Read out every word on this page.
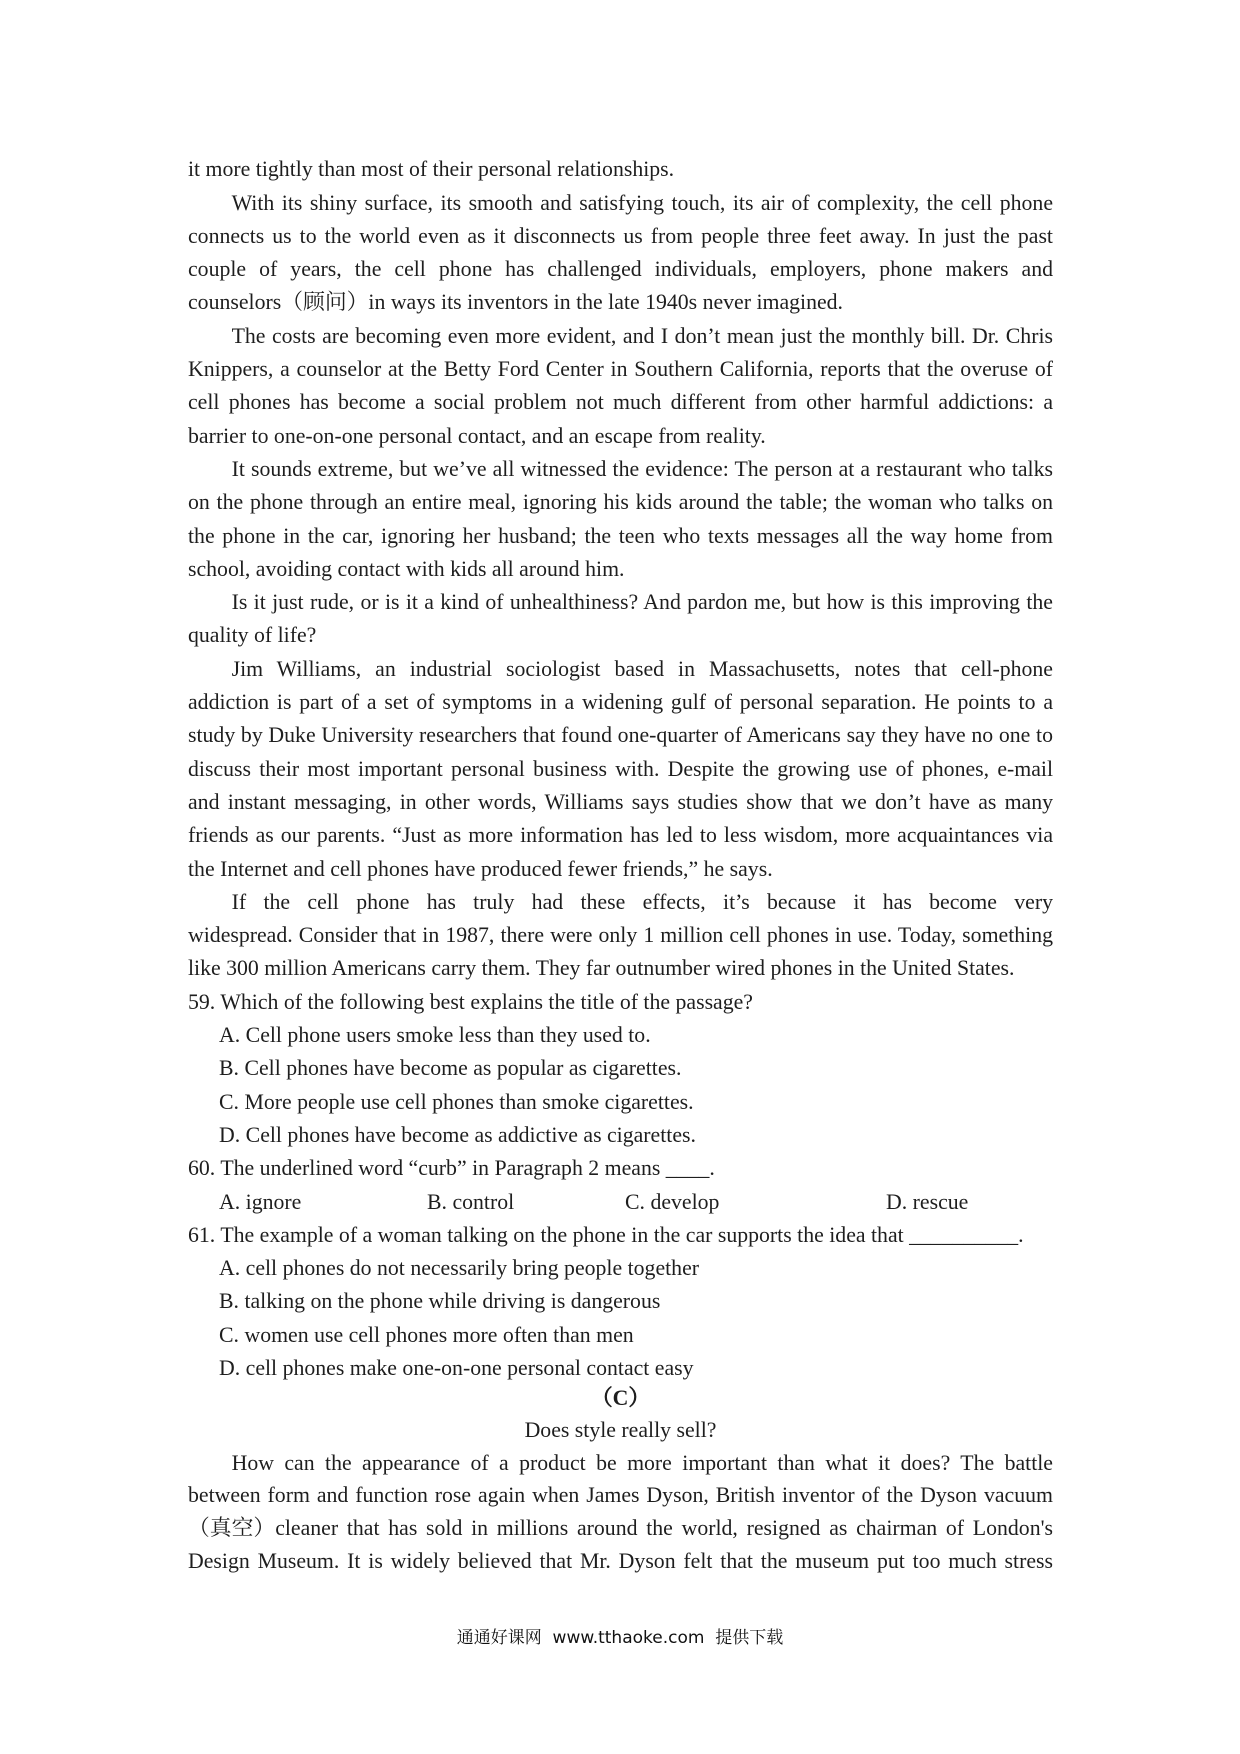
it more tightly than most of their personal relationships.
With its shiny surface, its smooth and satisfying touch, its air of complexity, the cell phone
connects us to the world even as it disconnects us from people three feet away. In just the past
couple of years, the cell phone has challenged individuals, employers, phone makers and
counselors（顾问）in ways its inventors in the late 1940s never imagined.
The costs are becoming even more evident, and I don’t mean just the monthly bill. Dr. Chris
Knippers, a counselor at the Betty Ford Center in Southern California, reports that the overuse of
cell phones has become a social problem not much different from other harmful addictions: a
barrier to one-on-one personal contact, and an escape from reality.
It sounds extreme, but we’ve all witnessed the evidence: The person at a restaurant who talks
on the phone through an entire meal, ignoring his kids around the table; the woman who talks on
the phone in the car, ignoring her husband; the teen who texts messages all the way home from
school, avoiding contact with kids all around him.
Is it just rude, or is it a kind of unhealthiness? And pardon me, but how is this improving the
quality of life?
Jim Williams, an industrial sociologist based in Massachusetts, notes that cell-phone
addiction is part of a set of symptoms in a widening gulf of personal separation. He points to a
study by Duke University researchers that found one-quarter of Americans say they have no one to
discuss their most important personal business with. Despite the growing use of phones, e-mail
and instant messaging, in other words, Williams says studies show that we don’t have as many
friends as our parents. “Just as more information has led to less wisdom, more acquaintances via
the Internet and cell phones have produced fewer friends,” he says.
If the cell phone has truly had these effects, it’s because it has become very
widespread. Consider that in 1987, there were only 1 million cell phones in use. Today, something
like 300 million Americans carry them. They far outnumber wired phones in the United States.
59. Which of the following best explains the title of the passage?
A. Cell phone users smoke less than they used to.
B. Cell phones have become as popular as cigarettes.
C. More people use cell phones than smoke cigarettes.
D. Cell phones have become as addictive as cigarettes.
60. The underlined word “curb” in Paragraph 2 means ____.
A. ignore	B. control	C. develop	D. rescue
61. The example of a woman talking on the phone in the car supports the idea that __________.
A. cell phones do not necessarily bring people together
B. talking on the phone while driving is dangerous
C. women use cell phones more often than men
D. cell phones make one-on-one personal contact easy
（C）
Does style really sell?
How can the appearance of a product be more important than what it does? The battle
between form and function rose again when James Dyson, British inventor of the Dyson vacuum
（真空）cleaner that has sold in millions around the world, resigned as chairman of London's
Design Museum. It is widely believed that Mr. Dyson felt that the museum put too much stress
通通好课网  www.tthaoke.com  提供下载
